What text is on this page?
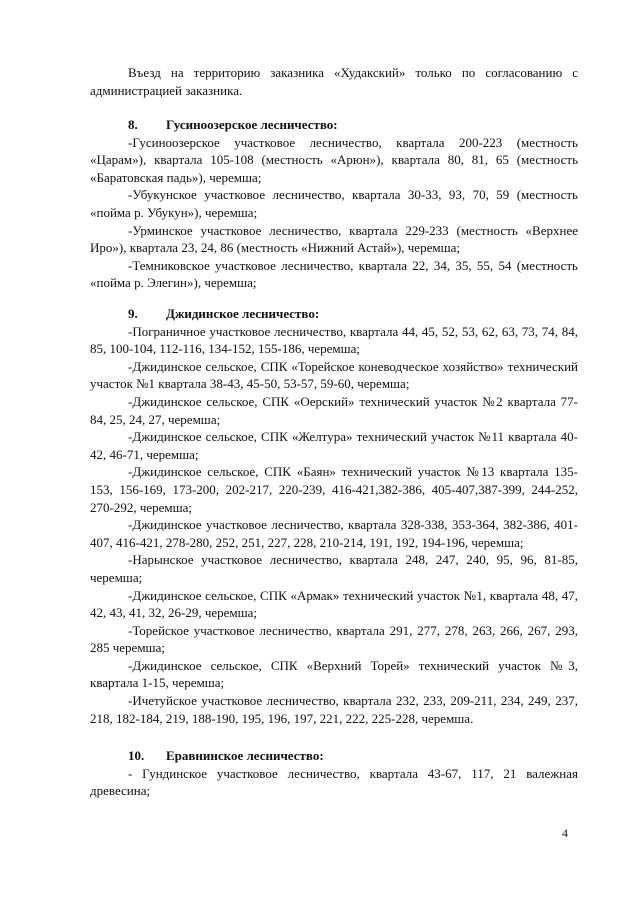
Въезд на территорию заказника «Худакский» только по согласованию с администрацией заказника.

8. Гусиноозерское лесничество:

-Гусиноозерское участковое лесничество, квартала 200-223 (местность «Царам»), квартала 105-108 (местность «Арюн»), квартала 80, 81, 65 (местность «Баратовская падь»), черемша;

-Убукунское участковое лесничество, квартала 30-33, 93, 70, 59 (местность «пойма р. Убукун»), черемша;

-Урминское участковое лесничество, квартала 229-233 (местность «Верхнее Иро»), квартала 23, 24, 86 (местность «Нижний Астай»), черемша;

-Темниковское участковое лесничество, квартала 22, 34, 35, 55, 54 (местность «пойма р. Элегин»), черемша;

9. Джидинское лесничество:

-Пограничное участковое лесничество, квартала 44, 45, 52, 53, 62, 63, 73, 74, 84, 85, 100-104, 112-116, 134-152, 155-186, черемша;

-Джидинское сельское, СПК «Торейское коневодческое хозяйство» технический участок №1 квартала 38-43, 45-50, 53-57, 59-60, черемша;

-Джидинское сельское, СПК «Оерский» технический участок №2 квартала 77-84, 25, 24, 27, черемша;

-Джидинское сельское, СПК «Желтура» технический участок №11 квартала 40-42, 46-71, черемша;

-Джидинское сельское, СПК «Баян» технический участок №13 квартала 135-153, 156-169, 173-200, 202-217, 220-239, 416-421,382-386, 405-407,387-399, 244-252, 270-292, черемша;

-Джидинское участковое лесничество, квартала 328-338, 353-364, 382-386, 401-407, 416-421, 278-280, 252, 251, 227, 228, 210-214, 191, 192, 194-196, черемша;

-Нарынское участковое лесничество, квартала 248, 247, 240, 95, 96, 81-85, черемша;

-Джидинское сельское, СПК «Армак» технический участок №1, квартала 48, 47, 42, 43, 41, 32, 26-29, черемша;

-Торейское участковое лесничество, квартала 291, 277, 278, 263, 266, 267, 293, 285 черемша;

-Джидинское сельское, СПК «Верхний Торей» технический участок №3, квартала 1-15, черемша;

-Ичетуйское участковое лесничество, квартала 232, 233, 209-211, 234, 249, 237, 218, 182-184, 219, 188-190, 195, 196, 197, 221, 222, 225-228, черемша.

10. Еравнинское лесничество:

- Гундинское участковое лесничество, квартала 43-67, 117, 21 валежная древесина;

4
